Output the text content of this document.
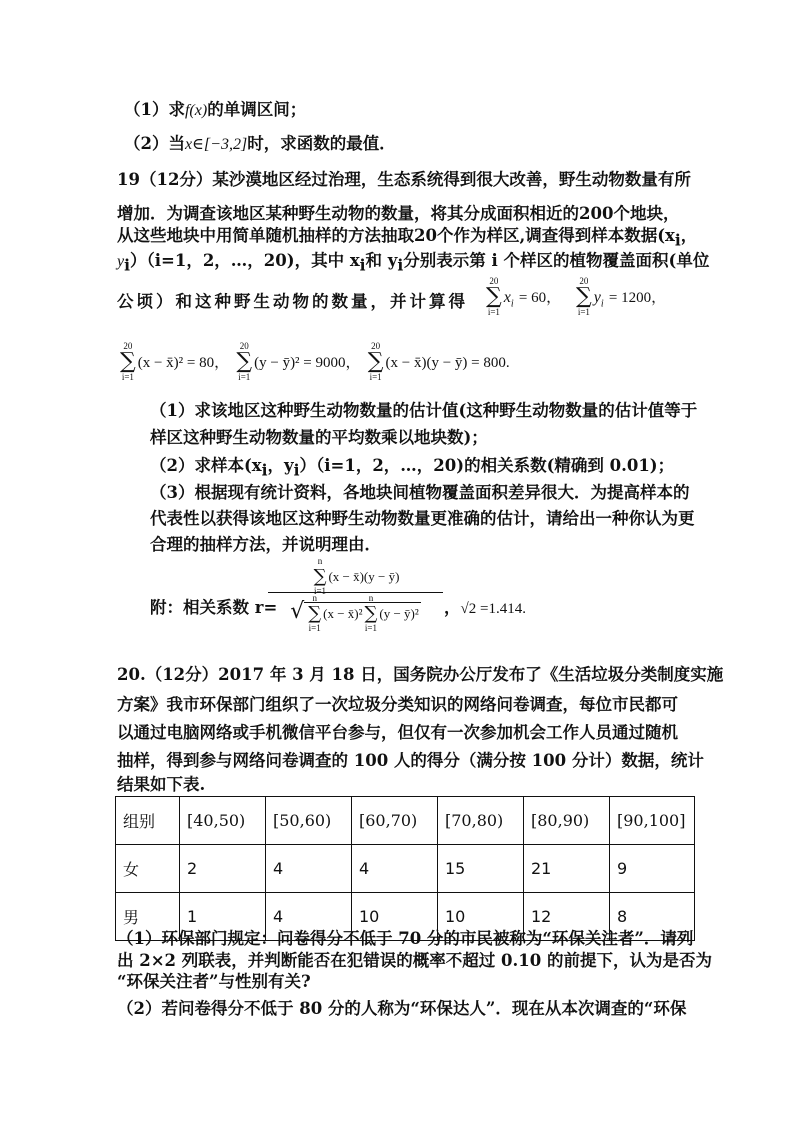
（1）求f(x)的单调区间；
（2）当x∈[−3,2]时，求函数的最值．
19（12分）某沙漠地区经过治理，生态系统得到很大改善，野生动物数量有所
增加．为调查该地区某种野生动物的数量，将其分成面积相近的200个地块，
从这些地块中用简单随机抽样的方法抽取20个作为样区,调查得到样本数据($x_i$，
$y_i)(i=1$，2，…，20)，其中 $x_i$和 $y_i$分别表示第 i 个样区的植物覆盖面积(单位
公顷）和这种野生动物的数量，并计算得
20
∑
i=1
$x_i = 60$，
20
∑
i=1
$y_i = 1200$，
20
∑
i=1
(x − x̄)² = 80，
20
∑
i=1
(y − ȳ)² = 9000，
20
∑
i=1
(x − x̄)(y − ȳ) = 800.
（1）求该地区这种野生动物数量的估计值(这种野生动物数量的估计值等于
样区这种野生动物数量的平均数乘以地块数)；
（2）求样本($x_i$，$y_i)(i=1$，2，…，20)的相关系数(精确到 0.01)；
（3）根据现有统计资料，各地块间植物覆盖面积差异很大．为提高样本的
代表性以获得该地区这种野生动物数量更准确的估计，请给出一种你认为更
合理的抽样方法，并说明理由．
附：相关系数 r=
n
∑
i=1
(x − x̄)(y − ȳ)
√
n
∑
i=1
(x − x̄)²
n
∑
i=1
(y − ȳ)² ，√2 =1.414.
20.（12分）2017 年 3 月 18 日，国务院办公厅发布了《生活垃圾分类制度实施
方案》我市环保部门组织了一次垃圾分类知识的网络问卷调查，每位市民都可
以通过电脑网络或手机微信平台参与，但仅有一次参加机会工作人员通过随机
抽样，得到参与网络问卷调查的 100 人的得分（满分按 100 分计）数据，统计
结果如下表.
组别	[40,50)	[50,60)	[60,70)	[70,80)	[80,90)	[90,100]
女	2	4	4	15	21	9
男	1	4	10	10	12	8
（1）环保部门规定：问卷得分不低于 70 分的市民被称为“环保关注者”．请列
出 2×2 列联表，并判断能否在犯错误的概率不超过 0.10 的前提下，认为是否为
“环保关注者”与性别有关?
（2）若问卷得分不低于 80 分的人称为“环保达人”．现在从本次调查的“环保
